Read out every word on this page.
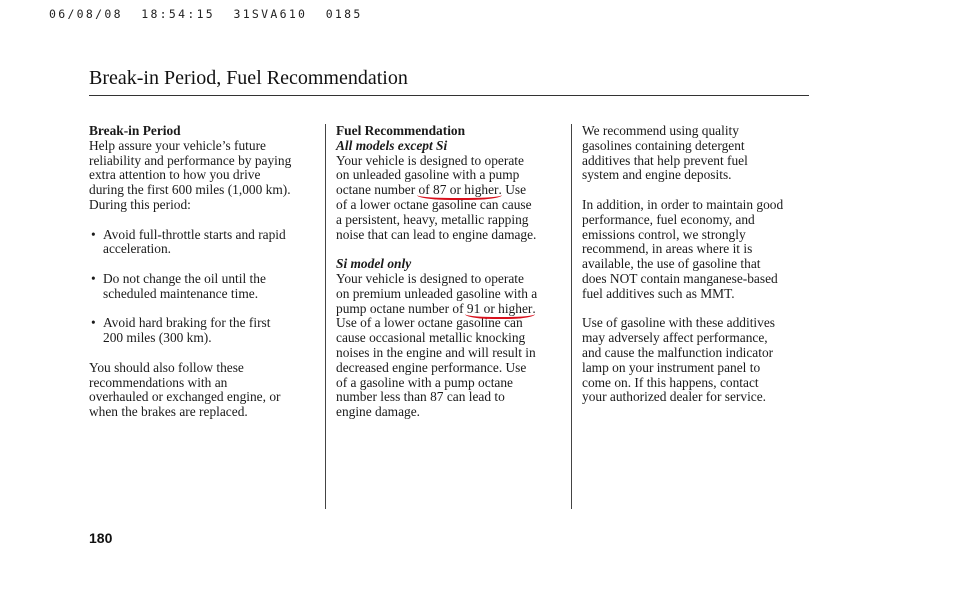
06/08/08  18:54:15  31SVA610  0185
Break-in Period, Fuel Recommendation
Break-in Period
Help assure your vehicle’s future
reliability and performance by paying
extra attention to how you drive
during the first 600 miles (1,000 km).
During this period:
• Avoid full-throttle starts and rapid
acceleration.
• Do not change the oil until the
scheduled maintenance time.
• Avoid hard braking for the first
200 miles (300 km).
You should also follow these
recommendations with an
overhauled or exchanged engine, or
when the brakes are replaced.
Fuel Recommendation
All models except Si
Your vehicle is designed to operate
on unleaded gasoline with a pump
octane number of 87 or higher. Use
of a lower octane gasoline can cause
a persistent, heavy, metallic rapping
noise that can lead to engine damage.
Si model only
Your vehicle is designed to operate
on premium unleaded gasoline with a
pump octane number of 91 or higher.
Use of a lower octane gasoline can
cause occasional metallic knocking
noises in the engine and will result in
decreased engine performance. Use
of a gasoline with a pump octane
number less than 87 can lead to
engine damage.
We recommend using quality
gasolines containing detergent
additives that help prevent fuel
system and engine deposits.
In addition, in order to maintain good
performance, fuel economy, and
emissions control, we strongly
recommend, in areas where it is
available, the use of gasoline that
does NOT contain manganese-based
fuel additives such as MMT.
Use of gasoline with these additives
may adversely affect performance,
and cause the malfunction indicator
lamp on your instrument panel to
come on. If this happens, contact
your authorized dealer for service.
180
